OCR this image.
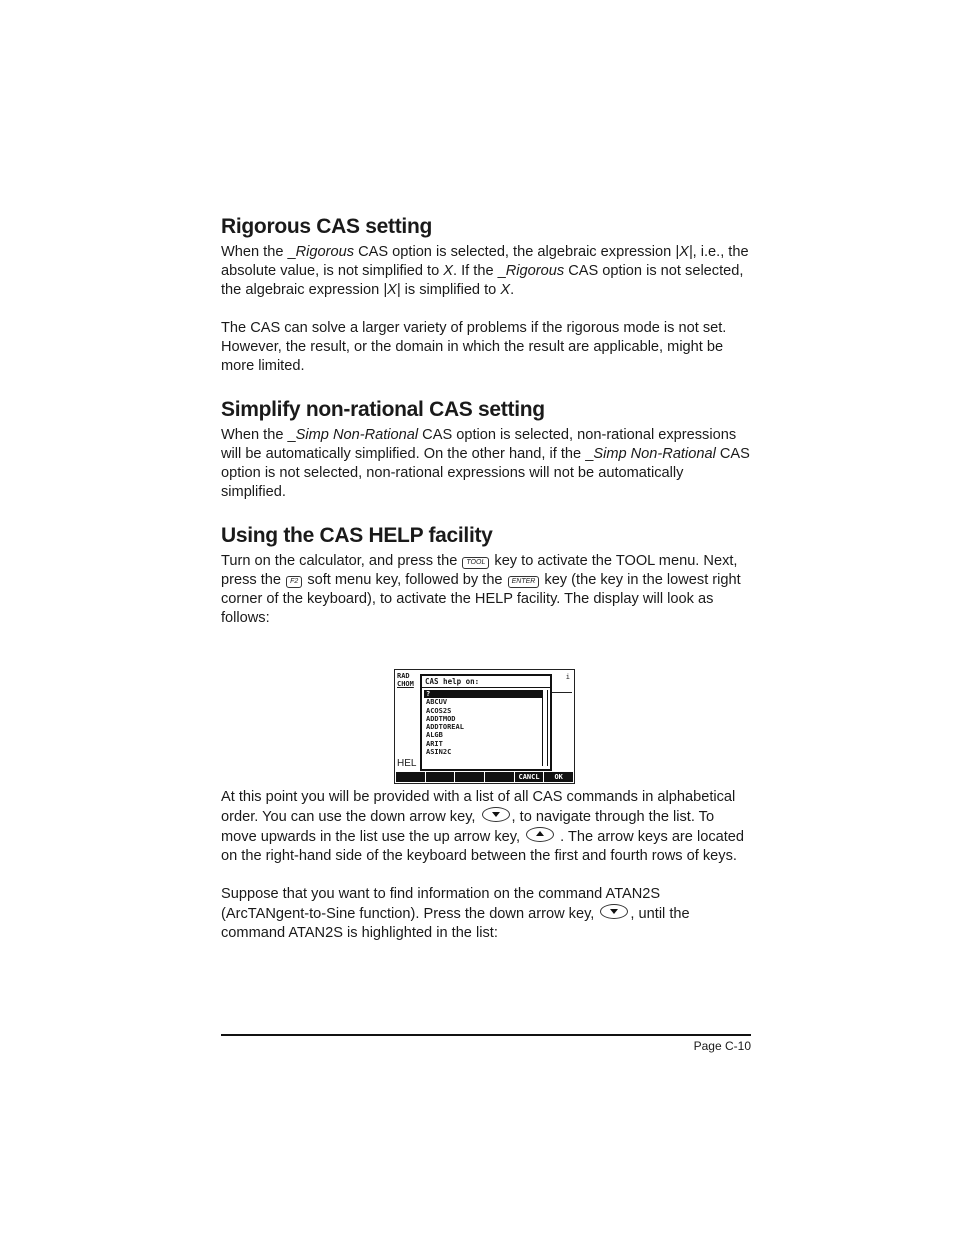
Rigorous CAS setting

When the _Rigorous CAS option is selected, the algebraic expression |X|, i.e., the absolute value, is not simplified to X. If the _Rigorous CAS option is not selected, the algebraic expression |X| is simplified to X.

The CAS can solve a larger variety of problems if the rigorous mode is not set. However, the result, or the domain in which the result are applicable, might be more limited.

Simplify non-rational CAS setting

When the _Simp Non-Rational CAS option is selected, non-rational expressions will be automatically simplified. On the other hand, if the _Simp Non-Rational CAS option is not selected, non-rational expressions will not be automatically simplified.

Using the CAS HELP facility

Turn on the calculator, and press the TOOL key to activate the TOOL menu. Next, press the F2 soft menu key, followed by the ENTER key (the key in the lowest right corner of the keyboard), to activate the HELP facility. The display will look as follows:

At this point you will be provided with a list of all CAS commands in alphabetical order. You can use the down arrow key,
, to navigate through the list. To move upwards in the list use the up arrow key,
. The arrow keys are located on the right-hand side of the keyboard between the first and fourth rows of keys.

Suppose that you want to find information on the command ATAN2S (ArcTANgent-to-Sine function). Press the down arrow key,
, until the command ATAN2S is highlighted in the list:

RAD
CHOM
i
HEL
CAS help on:
?
ABCUV
ACOS2S
ADDTMOD
ADDTOREAL
ALGB
ARIT
ASIN2C
CANCL	OK
Page C-10
